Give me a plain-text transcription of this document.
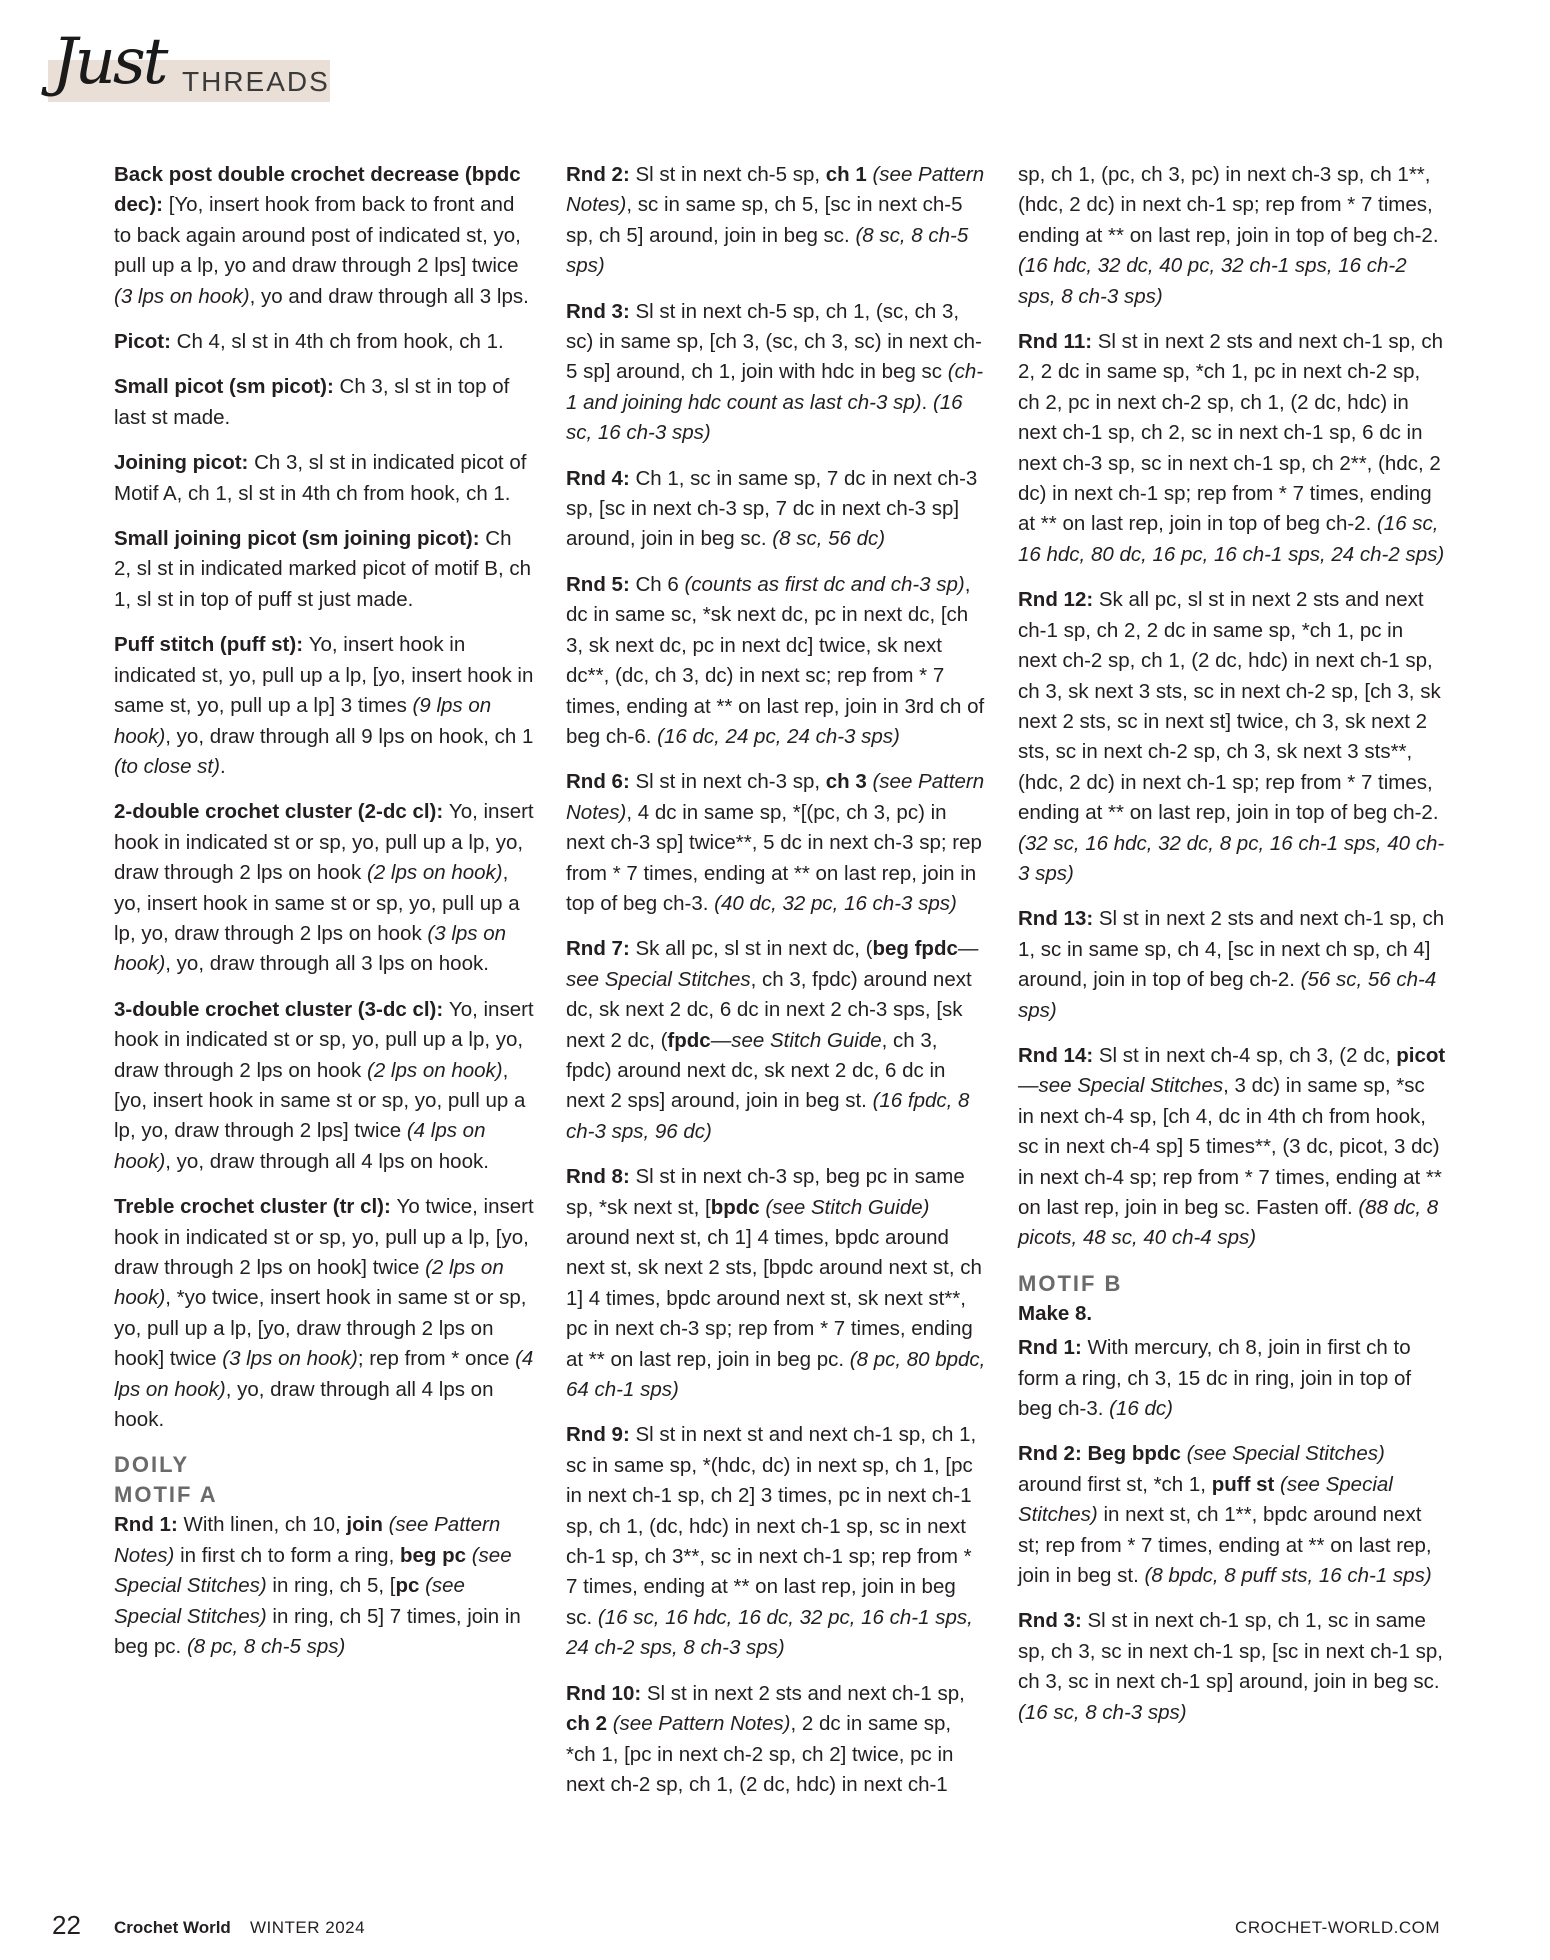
Just THREADS

Back post double crochet decrease (bpdc dec): [Yo, insert hook from back to front and to back again around post of indicated st, yo, pull up a lp, yo and draw through 2 lps] twice (3 lps on hook), yo and draw through all 3 lps.

Picot: Ch 4, sl st in 4th ch from hook, ch 1.

Small picot (sm picot): Ch 3, sl st in top of last st made.

Joining picot: Ch 3, sl st in indicated picot of Motif A, ch 1, sl st in 4th ch from hook, ch 1.

Small joining picot (sm joining picot): Ch 2, sl st in indicated marked picot of motif B, ch 1, sl st in top of puff st just made.

Puff stitch (puff st): Yo, insert hook in indicated st, yo, pull up a lp, [yo, insert hook in same st, yo, pull up a lp] 3 times (9 lps on hook), yo, draw through all 9 lps on hook, ch 1 (to close st).

2-double crochet cluster (2-dc cl): Yo, insert hook in indicated st or sp, yo, pull up a lp, yo, draw through 2 lps on hook (2 lps on hook), yo, insert hook in same st or sp, yo, pull up a lp, yo, draw through 2 lps on hook (3 lps on hook), yo, draw through all 3 lps on hook.

3-double crochet cluster (3-dc cl): Yo, insert hook in indicated st or sp, yo, pull up a lp, yo, draw through 2 lps on hook (2 lps on hook), [yo, insert hook in same st or sp, yo, pull up a lp, yo, draw through 2 lps] twice (4 lps on hook), yo, draw through all 4 lps on hook.

Treble crochet cluster (tr cl): Yo twice, insert hook in indicated st or sp, yo, pull up a lp, [yo, draw through 2 lps on hook] twice (2 lps on hook), *yo twice, insert hook in same st or sp, yo, pull up a lp, [yo, draw through 2 lps on hook] twice (3 lps on hook); rep from * once (4 lps on hook), yo, draw through all 4 lps on hook.

DOILY
MOTIF A

Rnd 1: With linen, ch 10, join (see Pattern Notes) in first ch to form a ring, beg pc (see Special Stitches) in ring, ch 5, [pc (see Special Stitches) in ring, ch 5] 7 times, join in beg pc. (8 pc, 8 ch-5 sps)

Rnd 2: Sl st in next ch-5 sp, ch 1 (see Pattern Notes), sc in same sp, ch 5, [sc in next ch-5 sp, ch 5] around, join in beg sc. (8 sc, 8 ch-5 sps)

Rnd 3: Sl st in next ch-5 sp, ch 1, (sc, ch 3, sc) in same sp, [ch 3, (sc, ch 3, sc) in next ch-5 sp] around, ch 1, join with hdc in beg sc (ch-1 and joining hdc count as last ch-3 sp). (16 sc, 16 ch-3 sps)

Rnd 4: Ch 1, sc in same sp, 7 dc in next ch-3 sp, [sc in next ch-3 sp, 7 dc in next ch-3 sp] around, join in beg sc. (8 sc, 56 dc)

Rnd 5: Ch 6 (counts as first dc and ch-3 sp), dc in same sc, *sk next dc, pc in next dc, [ch 3, sk next dc, pc in next dc] twice, sk next dc**, (dc, ch 3, dc) in next sc; rep from * 7 times, ending at ** on last rep, join in 3rd ch of beg ch-6. (16 dc, 24 pc, 24 ch-3 sps)

Rnd 6: Sl st in next ch-3 sp, ch 3 (see Pattern Notes), 4 dc in same sp, *[(pc, ch 3, pc) in next ch-3 sp] twice**, 5 dc in next ch-3 sp; rep from * 7 times, ending at ** on last rep, join in top of beg ch-3. (40 dc, 32 pc, 16 ch-3 sps)

Rnd 7: Sk all pc, sl st in next dc, (beg fpdc—see Special Stitches, ch 3, fpdc) around next dc, sk next 2 dc, 6 dc in next 2 ch-3 sps, [sk next 2 dc, (fpdc—see Stitch Guide, ch 3, fpdc) around next dc, sk next 2 dc, 6 dc in next 2 sps] around, join in beg st. (16 fpdc, 8 ch-3 sps, 96 dc)

Rnd 8: Sl st in next ch-3 sp, beg pc in same sp, *sk next st, [bpdc (see Stitch Guide) around next st, ch 1] 4 times, bpdc around next st, sk next 2 sts, [bpdc around next st, ch 1] 4 times, bpdc around next st, sk next st**, pc in next ch-3 sp; rep from * 7 times, ending at ** on last rep, join in beg pc. (8 pc, 80 bpdc, 64 ch-1 sps)

Rnd 9: Sl st in next st and next ch-1 sp, ch 1, sc in same sp, *(hdc, dc) in next sp, ch 1, [pc in next ch-1 sp, ch 2] 3 times, pc in next ch-1 sp, ch 1, (dc, hdc) in next ch-1 sp, sc in next ch-1 sp, ch 3**, sc in next ch-1 sp; rep from * 7 times, ending at ** on last rep, join in beg sc. (16 sc, 16 hdc, 16 dc, 32 pc, 16 ch-1 sps, 24 ch-2 sps, 8 ch-3 sps)

Rnd 10: Sl st in next 2 sts and next ch-1 sp, ch 2 (see Pattern Notes), 2 dc in same sp, *ch 1, [pc in next ch-2 sp, ch 2] twice, pc in next ch-2 sp, ch 1, (2 dc, hdc) in next ch-1

sp, ch 1, (pc, ch 3, pc) in next ch-3 sp, ch 1**, (hdc, 2 dc) in next ch-1 sp; rep from * 7 times, ending at ** on last rep, join in top of beg ch-2. (16 hdc, 32 dc, 40 pc, 32 ch-1 sps, 16 ch-2 sps, 8 ch-3 sps)

Rnd 11: Sl st in next 2 sts and next ch-1 sp, ch 2, 2 dc in same sp, *ch 1, pc in next ch-2 sp, ch 2, pc in next ch-2 sp, ch 1, (2 dc, hdc) in next ch-1 sp, ch 2, sc in next ch-1 sp, 6 dc in next ch-3 sp, sc in next ch-1 sp, ch 2**, (hdc, 2 dc) in next ch-1 sp; rep from * 7 times, ending at ** on last rep, join in top of beg ch-2. (16 sc, 16 hdc, 80 dc, 16 pc, 16 ch-1 sps, 24 ch-2 sps)

Rnd 12: Sk all pc, sl st in next 2 sts and next ch-1 sp, ch 2, 2 dc in same sp, *ch 1, pc in next ch-2 sp, ch 1, (2 dc, hdc) in next ch-1 sp, ch 3, sk next 3 sts, sc in next ch-2 sp, [ch 3, sk next 2 sts, sc in next st] twice, ch 3, sk next 2 sts, sc in next ch-2 sp, ch 3, sk next 3 sts**, (hdc, 2 dc) in next ch-1 sp; rep from * 7 times, ending at ** on last rep, join in top of beg ch-2. (32 sc, 16 hdc, 32 dc, 8 pc, 16 ch-1 sps, 40 ch-3 sps)

Rnd 13: Sl st in next 2 sts and next ch-1 sp, ch 1, sc in same sp, ch 4, [sc in next ch sp, ch 4] around, join in top of beg ch-2. (56 sc, 56 ch-4 sps)

Rnd 14: Sl st in next ch-4 sp, ch 3, (2 dc, picot—see Special Stitches, 3 dc) in same sp, *sc in next ch-4 sp, [ch 4, dc in 4th ch from hook, sc in next ch-4 sp] 5 times**, (3 dc, picot, 3 dc) in next ch-4 sp; rep from * 7 times, ending at ** on last rep, join in beg sc. Fasten off. (88 dc, 8 picots, 48 sc, 40 ch-4 sps)

MOTIF B

Make 8.

Rnd 1: With mercury, ch 8, join in first ch to form a ring, ch 3, 15 dc in ring, join in top of beg ch-3. (16 dc)

Rnd 2: Beg bpdc (see Special Stitches) around first st, *ch 1, puff st (see Special Stitches) in next st, ch 1**, bpdc around next st; rep from * 7 times, ending at ** on last rep, join in beg st. (8 bpdc, 8 puff sts, 16 ch-1 sps)

Rnd 3: Sl st in next ch-1 sp, ch 1, sc in same sp, ch 3, sc in next ch-1 sp, [sc in next ch-1 sp, ch 3, sc in next ch-1 sp] around, join in beg sc. (16 sc, 8 ch-3 sps)

22 Crochet World WINTER 2024	CROCHET-WORLD.COM
